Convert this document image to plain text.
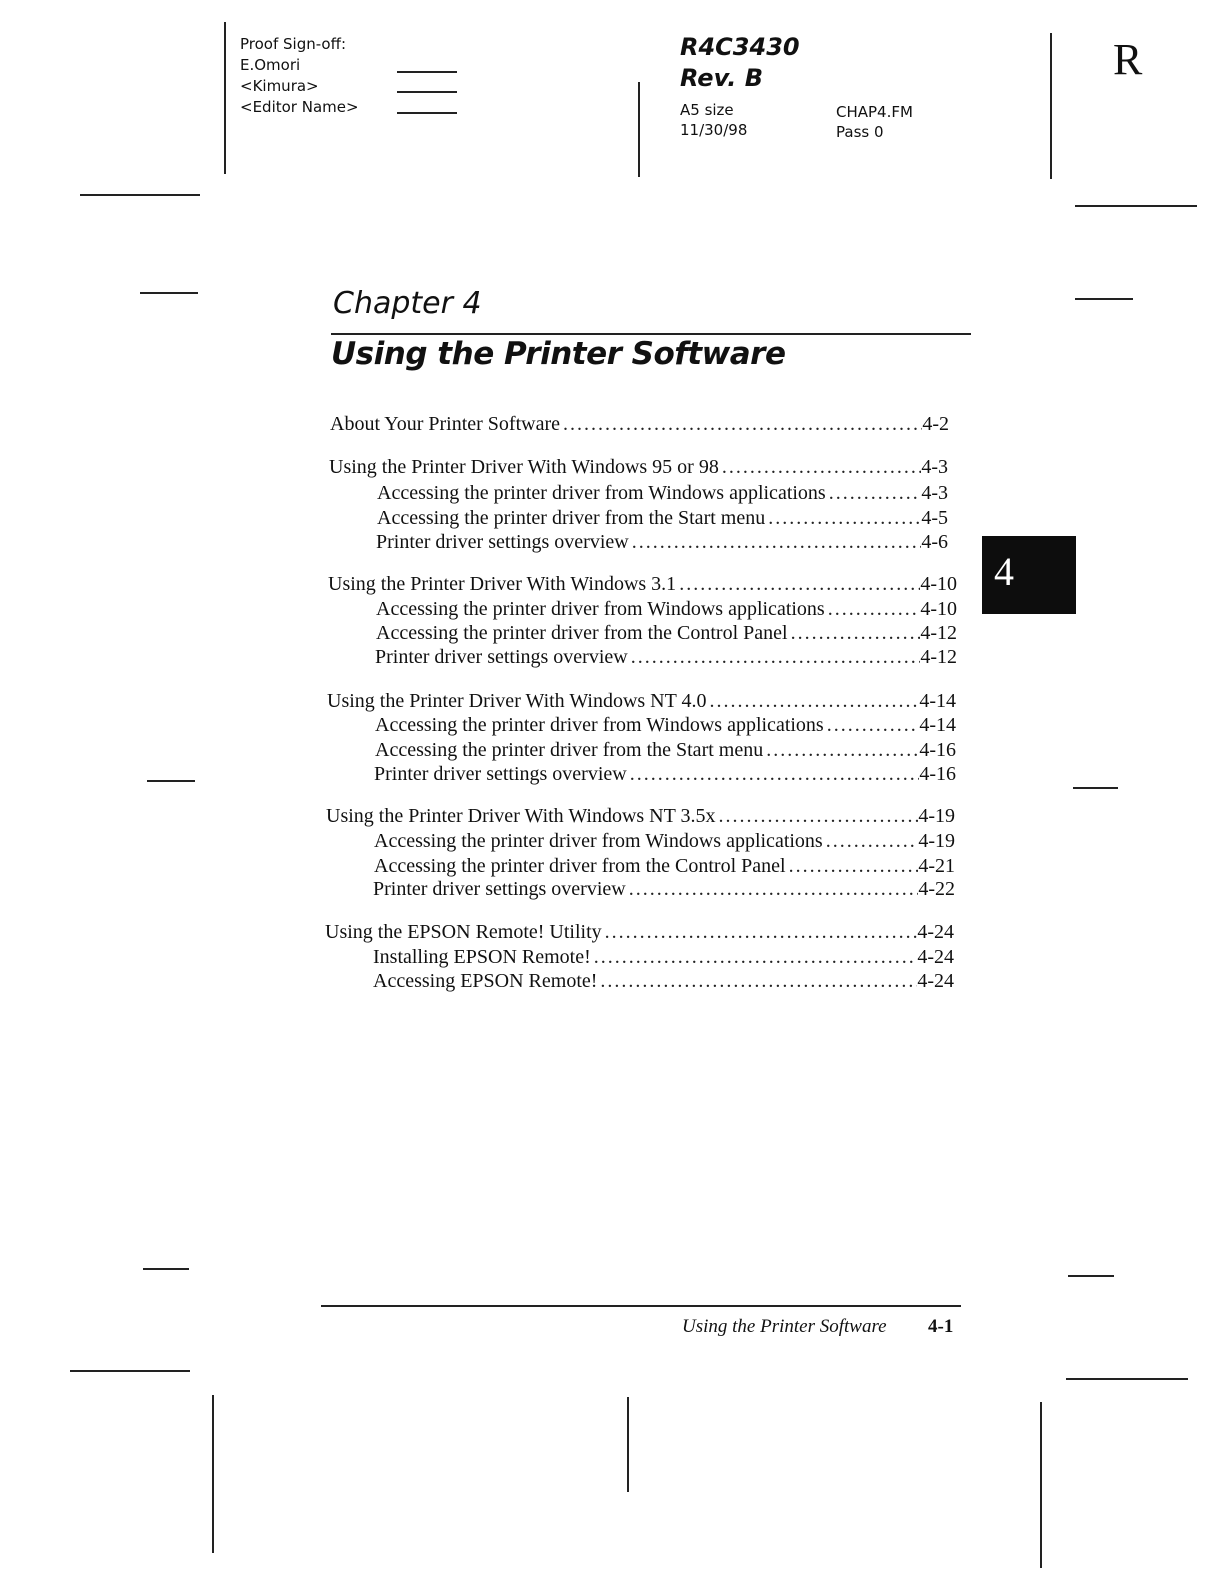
Proof Sign-off:
E.Omori
<Kimura>
<Editor Name>
R4C3430
Rev. B
A5 size
11/30/98
CHAP4.FM
Pass 0
R
Chapter 4
Using the Printer Software
About Your Printer Software .....	4-2
Using the Printer Driver With Windows 95 or 98 .....	4-3
Accessing the printer driver from Windows applications .....	4-3
Accessing the printer driver from the Start menu .....	4-5
Printer driver settings overview .....	4-6
Using the Printer Driver With Windows 3.1 .....	4-10
Accessing the printer driver from Windows applications .....	4-10
Accessing the printer driver from the Control Panel .....	4-12
Printer driver settings overview .....	4-12
Using the Printer Driver With Windows NT 4.0 .....	4-14
Accessing the printer driver from Windows applications .....	4-14
Accessing the printer driver from the Start menu .....	4-16
Printer driver settings overview .....	4-16
Using the Printer Driver With Windows NT 3.5x .....	4-19
Accessing the printer driver from Windows applications .....	4-19
Accessing the printer driver from the Control Panel .....	4-21
Printer driver settings overview .....	4-22
Using the EPSON Remote! Utility .....	4-24
Installing EPSON Remote! .....	4-24
Accessing EPSON Remote! .....	4-24
4
Using the Printer Software 4-1
